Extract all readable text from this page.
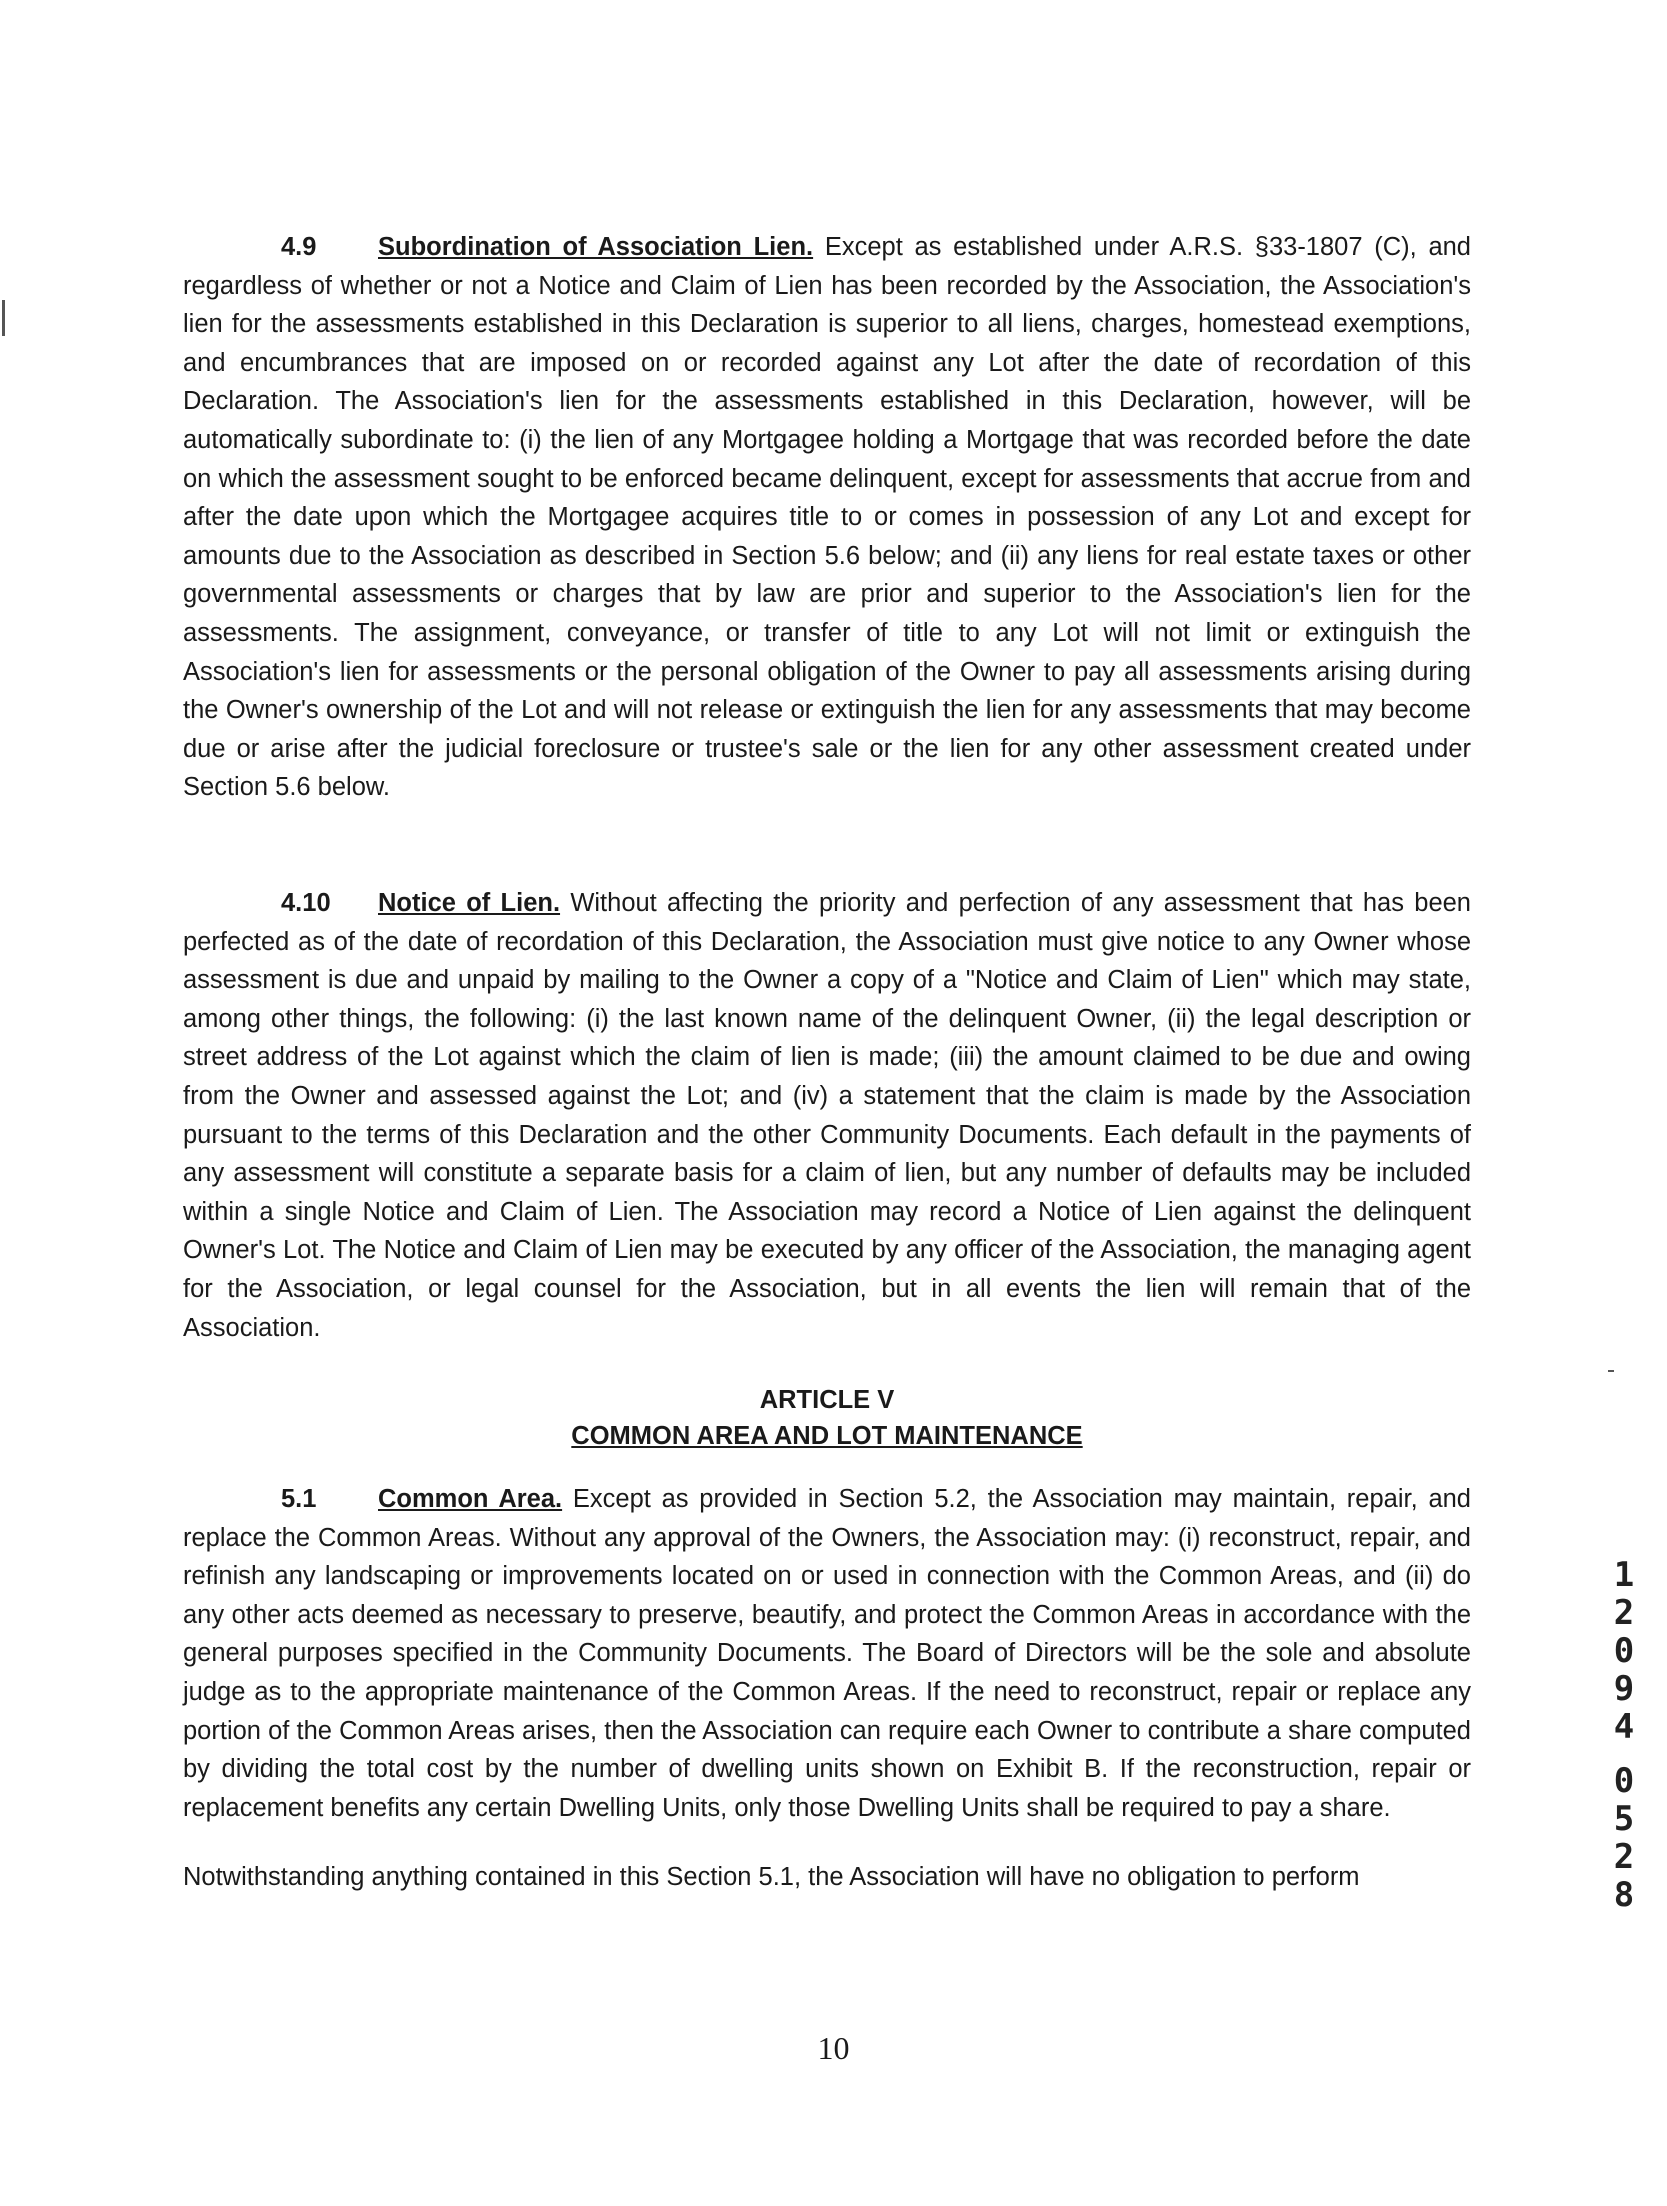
4.9 Subordination of Association Lien. Except as established under A.R.S. §33-1807 (C), and regardless of whether or not a Notice and Claim of Lien has been recorded by the Association, the Association's lien for the assessments established in this Declaration is superior to all liens, charges, homestead exemptions, and encumbrances that are imposed on or recorded against any Lot after the date of recordation of this Declaration. The Association's lien for the assessments established in this Declaration, however, will be automatically subordinate to: (i) the lien of any Mortgagee holding a Mortgage that was recorded before the date on which the assessment sought to be enforced became delinquent, except for assessments that accrue from and after the date upon which the Mortgagee acquires title to or comes in possession of any Lot and except for amounts due to the Association as described in Section 5.6 below; and (ii) any liens for real estate taxes or other governmental assessments or charges that by law are prior and superior to the Association's lien for the assessments. The assignment, conveyance, or transfer of title to any Lot will not limit or extinguish the Association's lien for assessments or the personal obligation of the Owner to pay all assessments arising during the Owner's ownership of the Lot and will not release or extinguish the lien for any assessments that may become due or arise after the judicial foreclosure or trustee's sale or the lien for any other assessment created under Section 5.6 below.

4.10 Notice of Lien. Without affecting the priority and perfection of any assessment that has been perfected as of the date of recordation of this Declaration, the Association must give notice to any Owner whose assessment is due and unpaid by mailing to the Owner a copy of a "Notice and Claim of Lien" which may state, among other things, the following: (i) the last known name of the delinquent Owner, (ii) the legal description or street address of the Lot against which the claim of lien is made; (iii) the amount claimed to be due and owing from the Owner and assessed against the Lot; and (iv) a statement that the claim is made by the Association pursuant to the terms of this Declaration and the other Community Documents. Each default in the payments of any assessment will constitute a separate basis for a claim of lien, but any number of defaults may be included within a single Notice and Claim of Lien. The Association may record a Notice of Lien against the delinquent Owner's Lot. The Notice and Claim of Lien may be executed by any officer of the Association, the managing agent for the Association, or legal counsel for the Association, but in all events the lien will remain that of the Association.

ARTICLE V
COMMON AREA AND LOT MAINTENANCE

5.1 Common Area. Except as provided in Section 5.2, the Association may maintain, repair, and replace the Common Areas. Without any approval of the Owners, the Association may: (i) reconstruct, repair, and refinish any landscaping or improvements located on or used in connection with the Common Areas, and (ii) do any other acts deemed as necessary to preserve, beautify, and protect the Common Areas in accordance with the general purposes specified in the Community Documents. The Board of Directors will be the sole and absolute judge as to the appropriate maintenance of the Common Areas. If the need to reconstruct, repair or replace any portion of the Common Areas arises, then the Association can require each Owner to contribute a share computed by dividing the total cost by the number of dwelling units shown on Exhibit B. If the reconstruction, repair or replacement benefits any certain Dwelling Units, only those Dwelling Units shall be required to pay a share.

Notwithstanding anything contained in this Section 5.1, the Association will have no obligation to perform

1
2
0
9
4
0
5
2
8
10
